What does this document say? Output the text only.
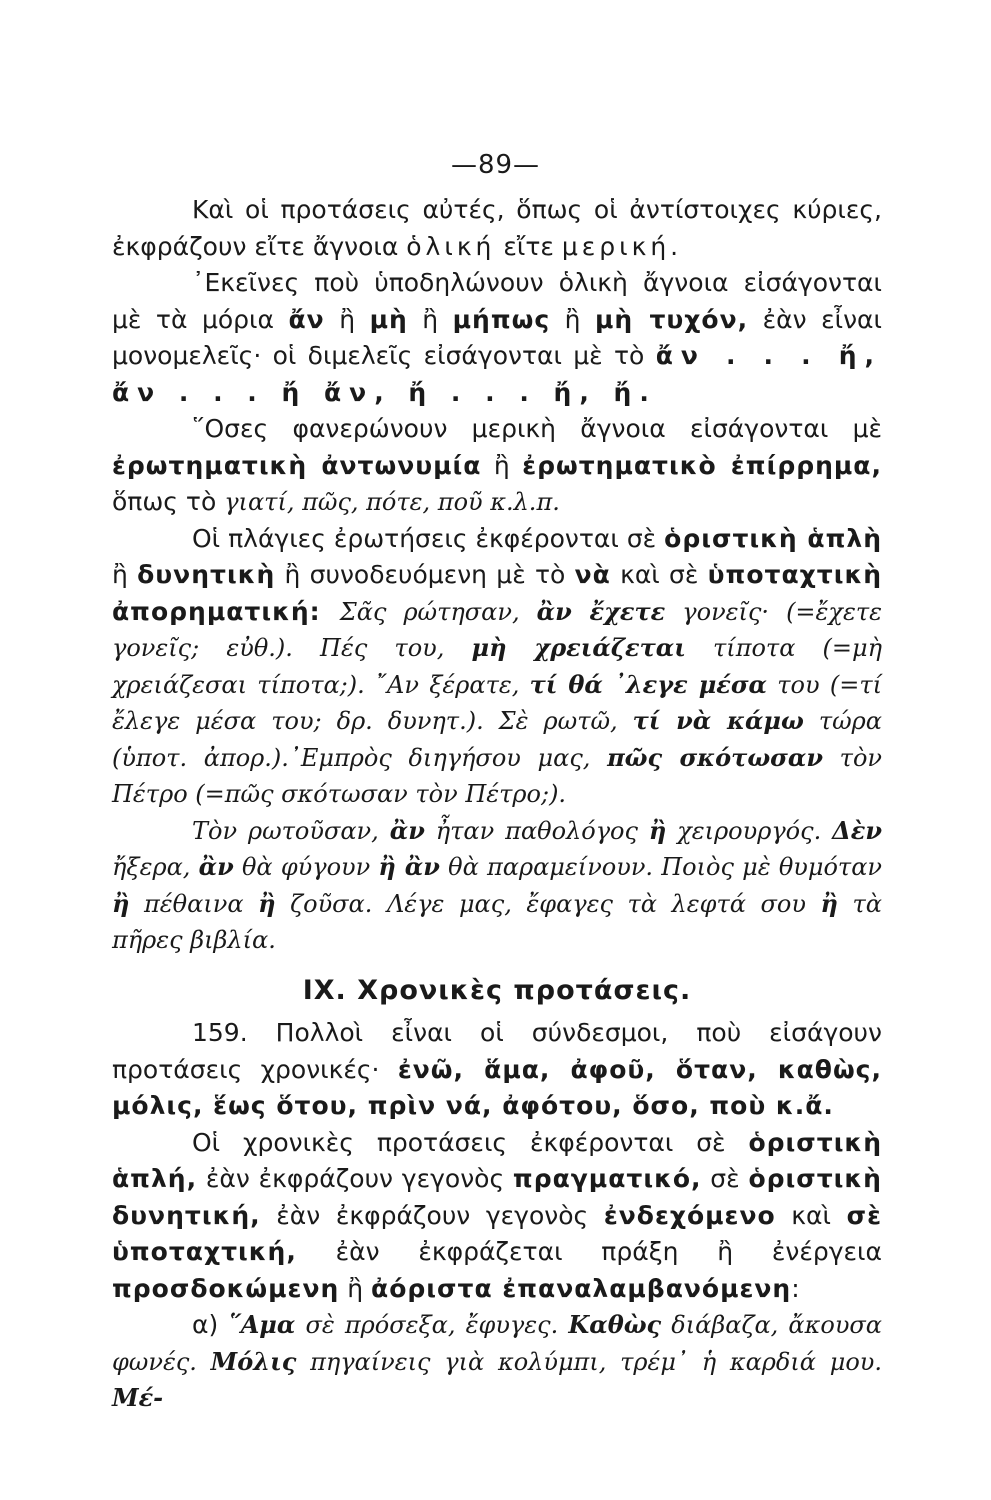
—89—

Καὶ οἱ προτάσεις αὐτές, ὅπως οἱ ἀντίστοιχες κύριες, ἐκφράζουν εἴτε ἄγνοια ὁλική εἴτε μερική.

᾿Εκεῖνες ποὺ ὑποδηλώνουν ὁλικὴ ἄγνοια εἰσάγονται μὲ τὰ μόρια ἄν ἢ μὴ ἢ μήπως ἢ μὴ τυχόν, ἐὰν εἶναι μονομελεῖς· οἱ διμελεῖς εἰσάγονται μὲ τὸ ἄν . . . ἤ, ἄν . . . ἤ ἄν, ἤ . . . ἤ, ἤ.

῞Οσες φανερώνουν μερικὴ ἄγνοια εἰσάγονται μὲ ἐρωτηματικὴ ἀντωνυμία ἢ ἐρωτηματικὸ ἐπίρρημα, ὅπως τὸ γιατί, πῶς, πότε, ποῦ κ.λ.π.

Οἱ πλάγιες ἐρωτήσεις ἐκφέρονται σὲ ὁριστικὴ ἁπλὴ ἢ δυνητικὴ ἢ συνοδευόμενη μὲ τὸ νὰ καὶ σὲ ὑποταχτικὴ ἀπορηματική: Σᾶς ρώτησαν, ἂν ἔχετε γονεῖς· (=ἔχετε γονεῖς; εὐθ.). Πές του, μὴ χρειάζεται τίποτα (=μὴ χρειάζεσαι τίποτα;). ῎Αν ξέρατε, τί θά ᾿λεγε μέσα του (=τί ἔλεγε μέσα του; δρ. δυνητ.). Σὲ ρωτῶ, τί νὰ κάμω τώρα (ὑποτ. ἀπορ.).᾿Εμπρὸς διηγήσου μας, πῶς σκότωσαν τὸν Πέτρο (=πῶς σκότωσαν τὸν Πέτρο;).

Τὸν ρωτοῦσαν, ἂν ἦταν παθολόγος ἢ χειρουργός. Δὲν ἤξερα, ἂν θὰ φύγουν ἢ ἂν θὰ παραμείνουν. Ποιὸς μὲ θυμόταν ἢ πέθαινα ἢ ζοῦσα. Λέγε μας, ἔφαγες τὰ λεφτά σου ἢ τὰ πῆρες βιβλία.

IX. Χρονικὲς προτάσεις.

159. Πολλοὶ εἶναι οἱ σύνδεσμοι, ποὺ εἰσάγουν προτάσεις χρονικές· ἐνῶ, ἅμα, ἀφοῦ, ὅταν, καθὼς, μόλις, ἕως ὅτου, πρὶν νά, ἀφότου, ὅσο, ποὺ κ.ἄ.

Οἱ χρονικὲς προτάσεις ἐκφέρονται σὲ ὁριστικὴ ἁπλή, ἐὰν ἐκφράζουν γεγονὸς πραγματικό, σὲ ὁριστικὴ δυνητική, ἐὰν ἐκφράζουν γεγονὸς ἐνδεχόμενο καὶ σὲ ὑποταχτική, ἐὰν ἐκφράζεται πράξη ἢ ἐνέργεια προσδοκώμενη ἢ ἀόριστα ἐπαναλαμβανόμενη:

α) ῞Αμα σὲ πρόσεξα, ἔφυγες. Καθὼς διάβαζα, ἄκουσα φωνές. Μόλις πηγαίνεις γιὰ κολύμπι, τρέμ᾿ ἡ καρδιά μου. Μέ-
